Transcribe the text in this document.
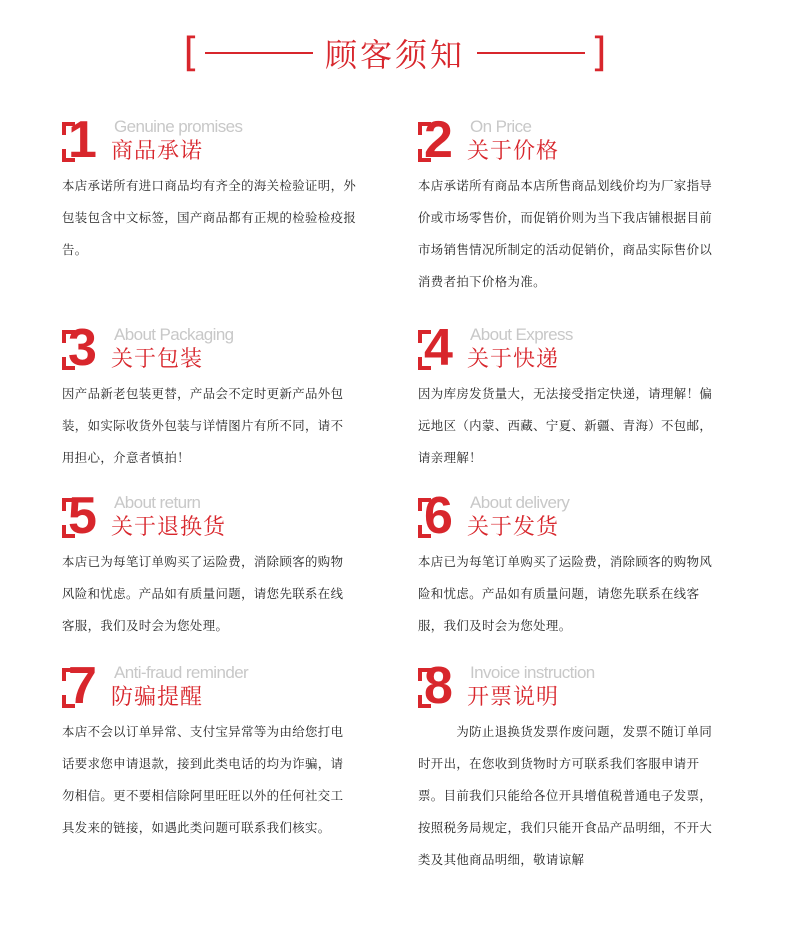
[	顾客须知	]
1 Genuine promises
商品承诺

本店承诺所有进口商品均有齐全的海关检验证明，外包装包含中文标签，国产商品都有正规的检验检疫报告。

2 On Price
关于价格

本店承诺所有商品本店所售商品划线价均为厂家指导价或市场零售价，而促销价则为当下我店铺根据目前市场销售情况所制定的活动促销价，商品实际售价以消费者拍下价格为准。

3 About Packaging
关于包装

因产品新老包装更替，产品会不定时更新产品外包装，如实际收货外包装与详情图片有所不同，请不用担心，介意者慎拍！

4 About Express
关于快递

因为库房发货量大，无法接受指定快递，请理解！偏远地区（内蒙、西藏、宁夏、新疆、青海）不包邮，请亲理解！

5 About return
关于退换货

本店已为每笔订单购买了运险费，消除顾客的购物风险和忧虑。产品如有质量问题，请您先联系在线客服，我们及时会为您处理。

6 About delivery
关于发货

本店已为每笔订单购买了运险费，消除顾客的购物风险和忧虑。产品如有质量问题，请您先联系在线客服，我们及时会为您处理。

7 Anti-fraud reminder
防骗提醒

本店不会以订单异常、支付宝异常等为由给您打电话要求您申请退款，接到此类电话的均为诈骗，请勿相信。更不要相信除阿里旺旺以外的任何社交工具发来的链接，如遇此类问题可联系我们核实。

8 Invoice instruction
开票说明

　　　为防止退换货发票作废问题，发票不随订单同时开出，在您收到货物时方可联系我们客服申请开票。目前我们只能给各位开具增值税普通电子发票，按照税务局规定，我们只能开食品产品明细，不开大类及其他商品明细，敬请谅解
